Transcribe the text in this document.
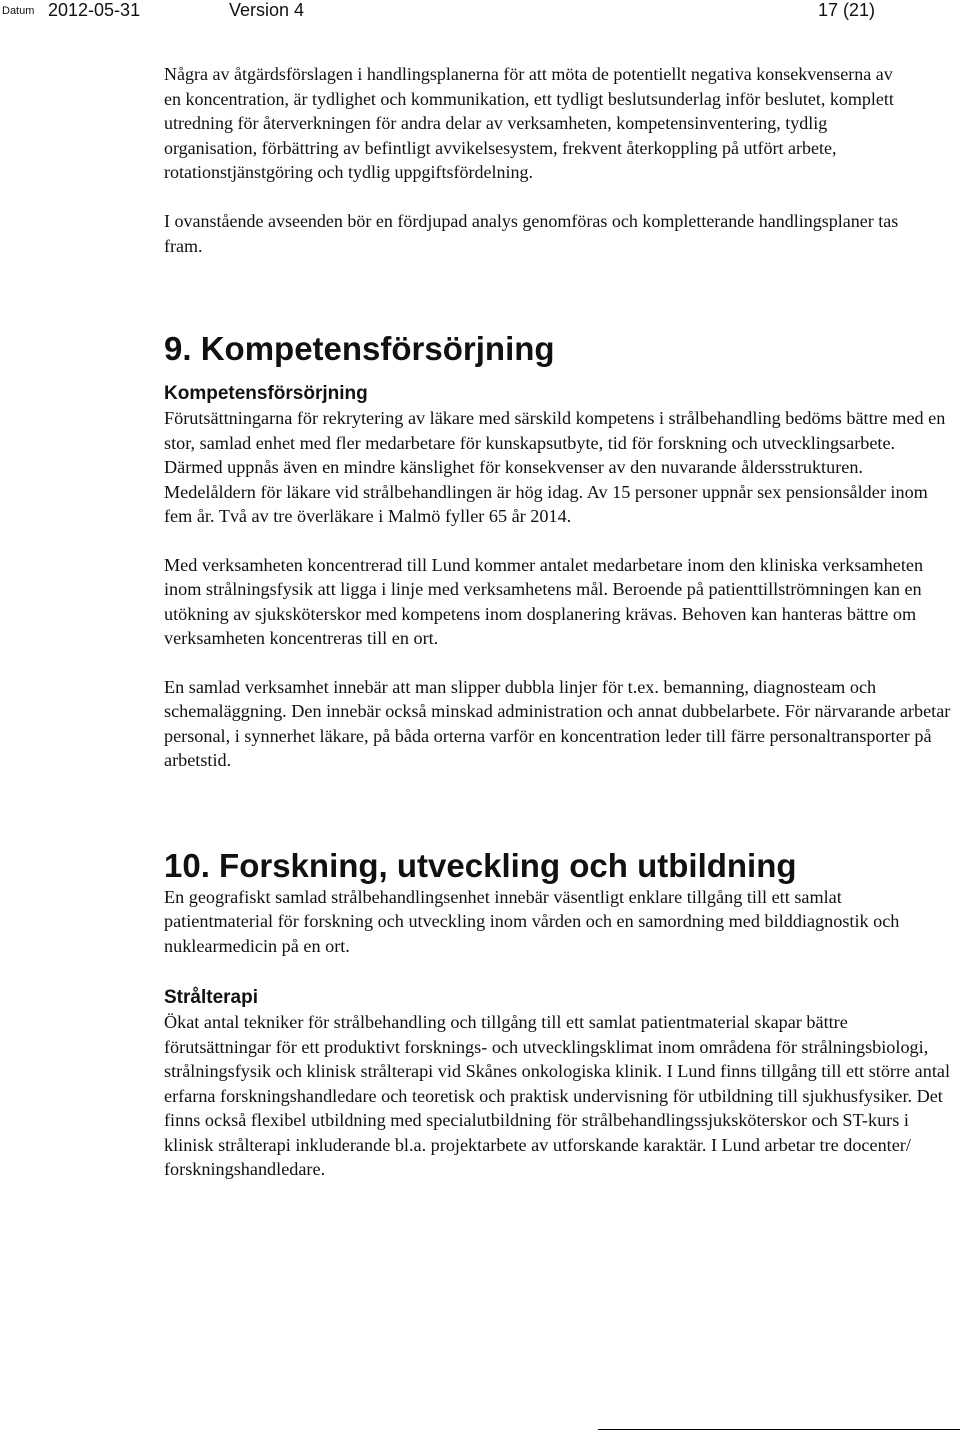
Datum 2012-05-31	Version 4	17 (21)

Några av åtgärdsförslagen i handlingsplanerna för att möta de potentiellt negativa konsekvenserna av en koncentration, är tydlighet och kommunikation, ett tydligt beslutsunderlag inför beslutet, komplett utredning för återverkningen för andra delar av verksamheten, kompetensinventering, tydlig organisation, förbättring av befintligt avvikelsesystem, frekvent återkoppling på utfört arbete, rotationstjänstgöring och tydlig uppgiftsfördelning.

I ovanstående avseenden bör en fördjupad analys genomföras och kompletterande handlingsplaner tas fram.

9. Kompetensförsörjning
Kompetensförsörjning

Förutsättningarna för rekrytering av läkare med särskild kompetens i strålbehandling bedöms bättre med en stor, samlad enhet med fler medarbetare för kunskapsutbyte, tid för forskning och utvecklingsarbete. Därmed uppnås även en mindre känslighet för konsekvenser av den nuvarande åldersstrukturen. Medelåldern för läkare vid strålbehandlingen är hög idag. Av 15 personer uppnår sex pensionsålder inom fem år. Två av tre överläkare i Malmö fyller 65 år 2014.

Med verksamheten koncentrerad till Lund kommer antalet medarbetare inom den kliniska verksamheten inom strålningsfysik att ligga i linje med verksamhetens mål. Beroende på patienttillströmningen kan en utökning av sjuksköterskor med kompetens inom dosplanering krävas. Behoven kan hanteras bättre om verksamheten koncentreras till en ort.

En samlad verksamhet innebär att man slipper dubbla linjer för t.ex. bemanning, diagnosteam och schemaläggning. Den innebär också minskad administration och annat dubbelarbete. För närvarande arbetar personal, i synnerhet läkare, på båda orterna varför en koncentration leder till färre personaltransporter på arbetstid.

10. Forskning, utveckling och utbildning

En geografiskt samlad strålbehandlingsenhet innebär väsentligt enklare tillgång till ett samlat patientmaterial för forskning och utveckling inom vården och en samordning med bilddiagnostik och nuklearmedicin på en ort.

Strålterapi

Ökat antal tekniker för strålbehandling och tillgång till ett samlat patientmaterial skapar bättre förutsättningar för ett produktivt forsknings- och utvecklingsklimat inom områdena för strålningsbiologi, strålningsfysik och klinisk strålterapi vid Skånes onkologiska klinik. I Lund finns tillgång till ett större antal erfarna forskningshandledare och teoretisk och praktisk undervisning för utbildning till sjukhusfysiker. Det finns också flexibel utbildning med specialutbildning för strålbehandlingssjuksköterskor och ST-kurs i klinisk strålterapi inkluderande bl.a. projektarbete av utforskande karaktär. I Lund arbetar tre docenter/ forskningshandledare.
